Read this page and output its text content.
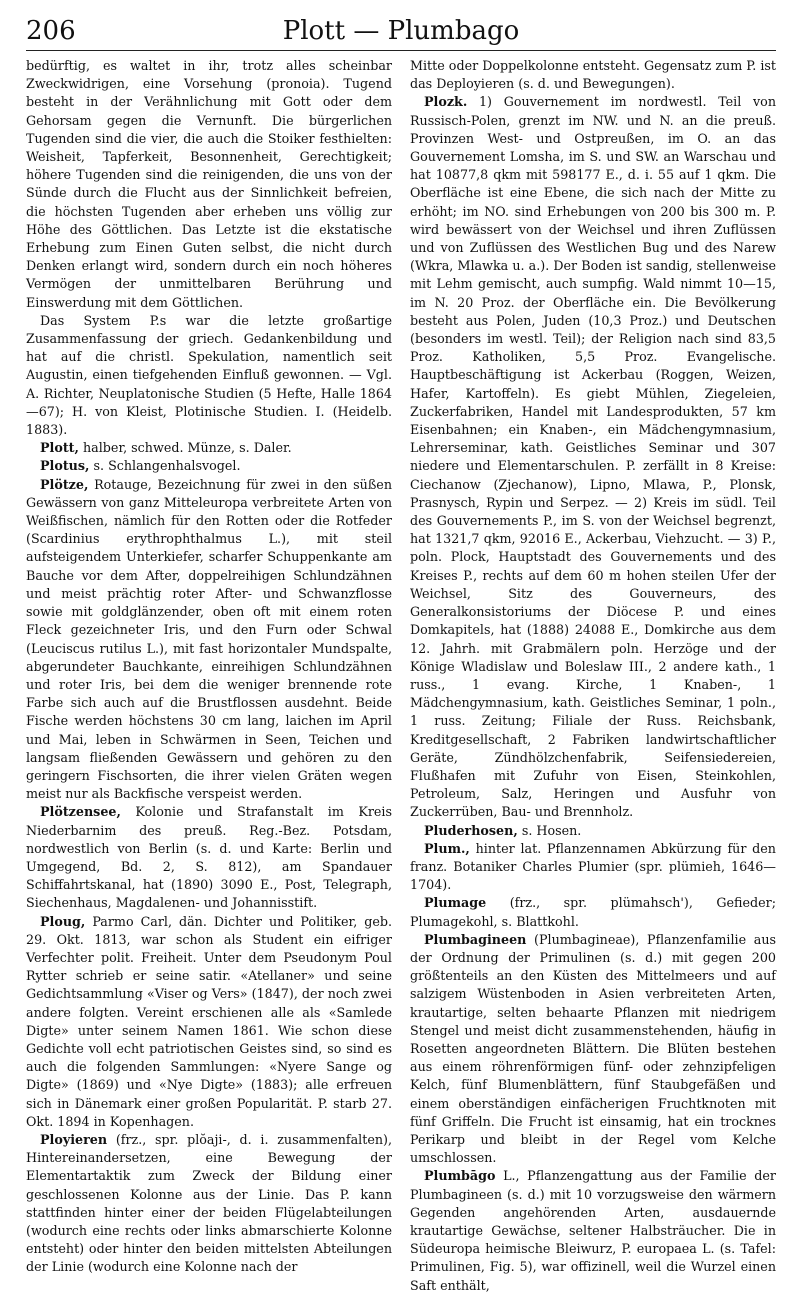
206	Plott — Plumbago

bedürftig, es waltet in ihr, trotz alles scheinbar Zweckwidrigen, eine Vorsehung (pronoia). Tugend besteht in der Verähnlichung mit Gott oder dem Gehorsam gegen die Vernunft. Die bürgerlichen Tugenden sind die vier, die auch die Stoiker festhielten: Weisheit, Tapferkeit, Besonnenheit, Gerechtigkeit; höhere Tugenden sind die reinigenden, die uns von der Sünde durch die Flucht aus der Sinnlichkeit befreien, die höchsten Tugenden aber erheben uns völlig zur Höhe des Göttlichen. Das Letzte ist die ekstatische Erhebung zum Einen Guten selbst, die nicht durch Denken erlangt wird, sondern durch ein noch höheres Vermögen der unmittelbaren Berührung und Einswerdung mit dem Göttlichen.

Das System P.s war die letzte großartige Zusammenfassung der griech. Gedankenbildung und hat auf die christl. Spekulation, namentlich seit Augustin, einen tiefgehenden Einfluß gewonnen. — Vgl. A. Richter, Neuplatonische Studien (5 Hefte, Halle 1864—67); H. von Kleist, Plotinische Studien. I. (Heidelb. 1883).

Plott, halber, schwed. Münze, s. Daler.

Plotus, s. Schlangenhalsvogel.

Plötze, Rotauge, Bezeichnung für zwei in den süßen Gewässern von ganz Mitteleuropa verbreitete Arten von Weißfischen, nämlich für den Rotten oder die Rotfeder (Scardinius erythrophthalmus L.), mit steil aufsteigendem Unterkiefer, scharfer Schuppenkante am Bauche vor dem After, doppelreihigen Schlundzähnen und meist prächtig roter After- und Schwanzflosse sowie mit goldglänzender, oben oft mit einem roten Fleck gezeichneter Iris, und den Furn oder Schwal (Leuciscus rutilus L.), mit fast horizontaler Mundspalte, abgerundeter Bauchkante, einreihigen Schlundzähnen und roter Iris, bei dem die weniger brennende rote Farbe sich auch auf die Brustflossen ausdehnt. Beide Fische werden höchstens 30 cm lang, laichen im April und Mai, leben in Schwärmen in Seen, Teichen und langsam fließenden Gewässern und gehören zu den geringern Fischsorten, die ihrer vielen Gräten wegen meist nur als Backfische verspeist werden.

Plötzensee, Kolonie und Strafanstalt im Kreis Niederbarnim des preuß. Reg.-Bez. Potsdam, nordwestlich von Berlin (s. d. und Karte: Berlin und Umgegend, Bd. 2, S. 812), am Spandauer Schiffahrtskanal, hat (1890) 3090 E., Post, Telegraph, Siechenhaus, Magdalenen- und Johannisstift.

Ploug, Parmo Carl, dän. Dichter und Politiker, geb. 29. Okt. 1813, war schon als Student ein eifriger Verfechter polit. Freiheit. Unter dem Pseudonym Poul Rytter schrieb er seine satir. «Atellaner» und seine Gedichtsammlung «Viser og Vers» (1847), der noch zwei andere folgten. Vereint erschienen alle als «Samlede Digte» unter seinem Namen 1861. Wie schon diese Gedichte voll echt patriotischen Geistes sind, so sind es auch die folgenden Sammlungen: «Nyere Sange og Digte» (1869) und «Nye Digte» (1883); alle erfreuen sich in Dänemark einer großen Popularität. P. starb 27. Okt. 1894 in Kopenhagen.

Ployieren (frz., spr. plŏaji-, d. i. zusammenfalten), Hintereinandersetzen, eine Bewegung der Elementartaktik zum Zweck der Bildung einer geschlossenen Kolonne aus der Linie. Das P. kann stattfinden hinter einer der beiden Flügelabteilungen (wodurch eine rechts oder links abmarschierte Kolonne entsteht) oder hinter den beiden mittelsten Abteilungen der Linie (wodurch eine Kolonne nach der

Mitte oder Doppelkolonne entsteht. Gegensatz zum P. ist das Deployieren (s. d. und Bewegungen).

Plozk. 1) Gouvernement im nordwestl. Teil von Russisch-Polen, grenzt im NW. und N. an die preuß. Provinzen West- und Ostpreußen, im O. an das Gouvernement Lomsha, im S. und SW. an Warschau und hat 10877,8 qkm mit 598177 E., d. i. 55 auf 1 qkm. Die Oberfläche ist eine Ebene, die sich nach der Mitte zu erhöht; im NO. sind Erhebungen von 200 bis 300 m. P. wird bewässert von der Weichsel und ihren Zuflüssen und von Zuflüssen des Westlichen Bug und des Narew (Wkra, Mlawka u. a.). Der Boden ist sandig, stellenweise mit Lehm gemischt, auch sumpfig. Wald nimmt 10—15, im N. 20 Proz. der Oberfläche ein. Die Bevölkerung besteht aus Polen, Juden (10,3 Proz.) und Deutschen (besonders im westl. Teil); der Religion nach sind 83,5 Proz. Katholiken, 5,5 Proz. Evangelische. Hauptbeschäftigung ist Ackerbau (Roggen, Weizen, Hafer, Kartoffeln). Es giebt Mühlen, Ziegeleien, Zuckerfabriken, Handel mit Landesprodukten, 57 km Eisenbahnen; ein Knaben-, ein Mädchengymnasium, Lehrerseminar, kath. Geistliches Seminar und 307 niedere und Elementarschulen. P. zerfällt in 8 Kreise: Ciechanow (Zjechanow), Lipno, Mlawa, P., Plonsk, Prasnysch, Rypin und Serpez. — 2) Kreis im südl. Teil des Gouvernements P., im S. von der Weichsel begrenzt, hat 1321,7 qkm, 92016 E., Ackerbau, Viehzucht. — 3) P., poln. Plock, Hauptstadt des Gouvernements und des Kreises P., rechts auf dem 60 m hohen steilen Ufer der Weichsel, Sitz des Gouverneurs, des Generalkonsistoriums der Diöcese P. und eines Domkapitels, hat (1888) 24088 E., Domkirche aus dem 12. Jahrh. mit Grabmälern poln. Herzöge und der Könige Wladislaw und Boleslaw III., 2 andere kath., 1 russ., 1 evang. Kirche, 1 Knaben-, 1 Mädchengymnasium, kath. Geistliches Seminar, 1 poln., 1 russ. Zeitung; Filiale der Russ. Reichsbank, Kreditgesellschaft, 2 Fabriken landwirtschaftlicher Geräte, Zündhölzchenfabrik, Seifensiedereien, Flußhafen mit Zufuhr von Eisen, Steinkohlen, Petroleum, Salz, Heringen und Ausfuhr von Zuckerrüben, Bau- und Brennholz.

Pluderhosen, s. Hosen.

Plum., hinter lat. Pflanzennamen Abkürzung für den franz. Botaniker Charles Plumier (spr. plümieh, 1646—1704).

Plumage (frz., spr. plümahsch'), Gefieder; Plumagekohl, s. Blattkohl.

Plumbagineen (Plumbagineae), Pflanzenfamilie aus der Ordnung der Primulinen (s. d.) mit gegen 200 größtenteils an den Küsten des Mittelmeers und auf salzigem Wüstenboden in Asien verbreiteten Arten, krautartige, selten behaarte Pflanzen mit niedrigem Stengel und meist dicht zusammenstehenden, häufig in Rosetten angeordneten Blättern. Die Blüten bestehen aus einem röhrenförmigen fünf- oder zehnzipfeligen Kelch, fünf Blumenblättern, fünf Staubgefäßen und einem oberständigen einfächerigen Fruchtknoten mit fünf Griffeln. Die Frucht ist einsamig, hat ein trocknes Perikarp und bleibt in der Regel vom Kelche umschlossen.

Plumbāgo L., Pflanzengattung aus der Familie der Plumbagineen (s. d.) mit 10 vorzugsweise den wärmern Gegenden angehörenden Arten, ausdauernde krautartige Gewächse, seltener Halbsträucher. Die in Südeuropa heimische Bleiwurz, P. europaea L. (s. Tafel: Primulinen, Fig. 5), war offizinell, weil die Wurzel einen Saft enthält,
